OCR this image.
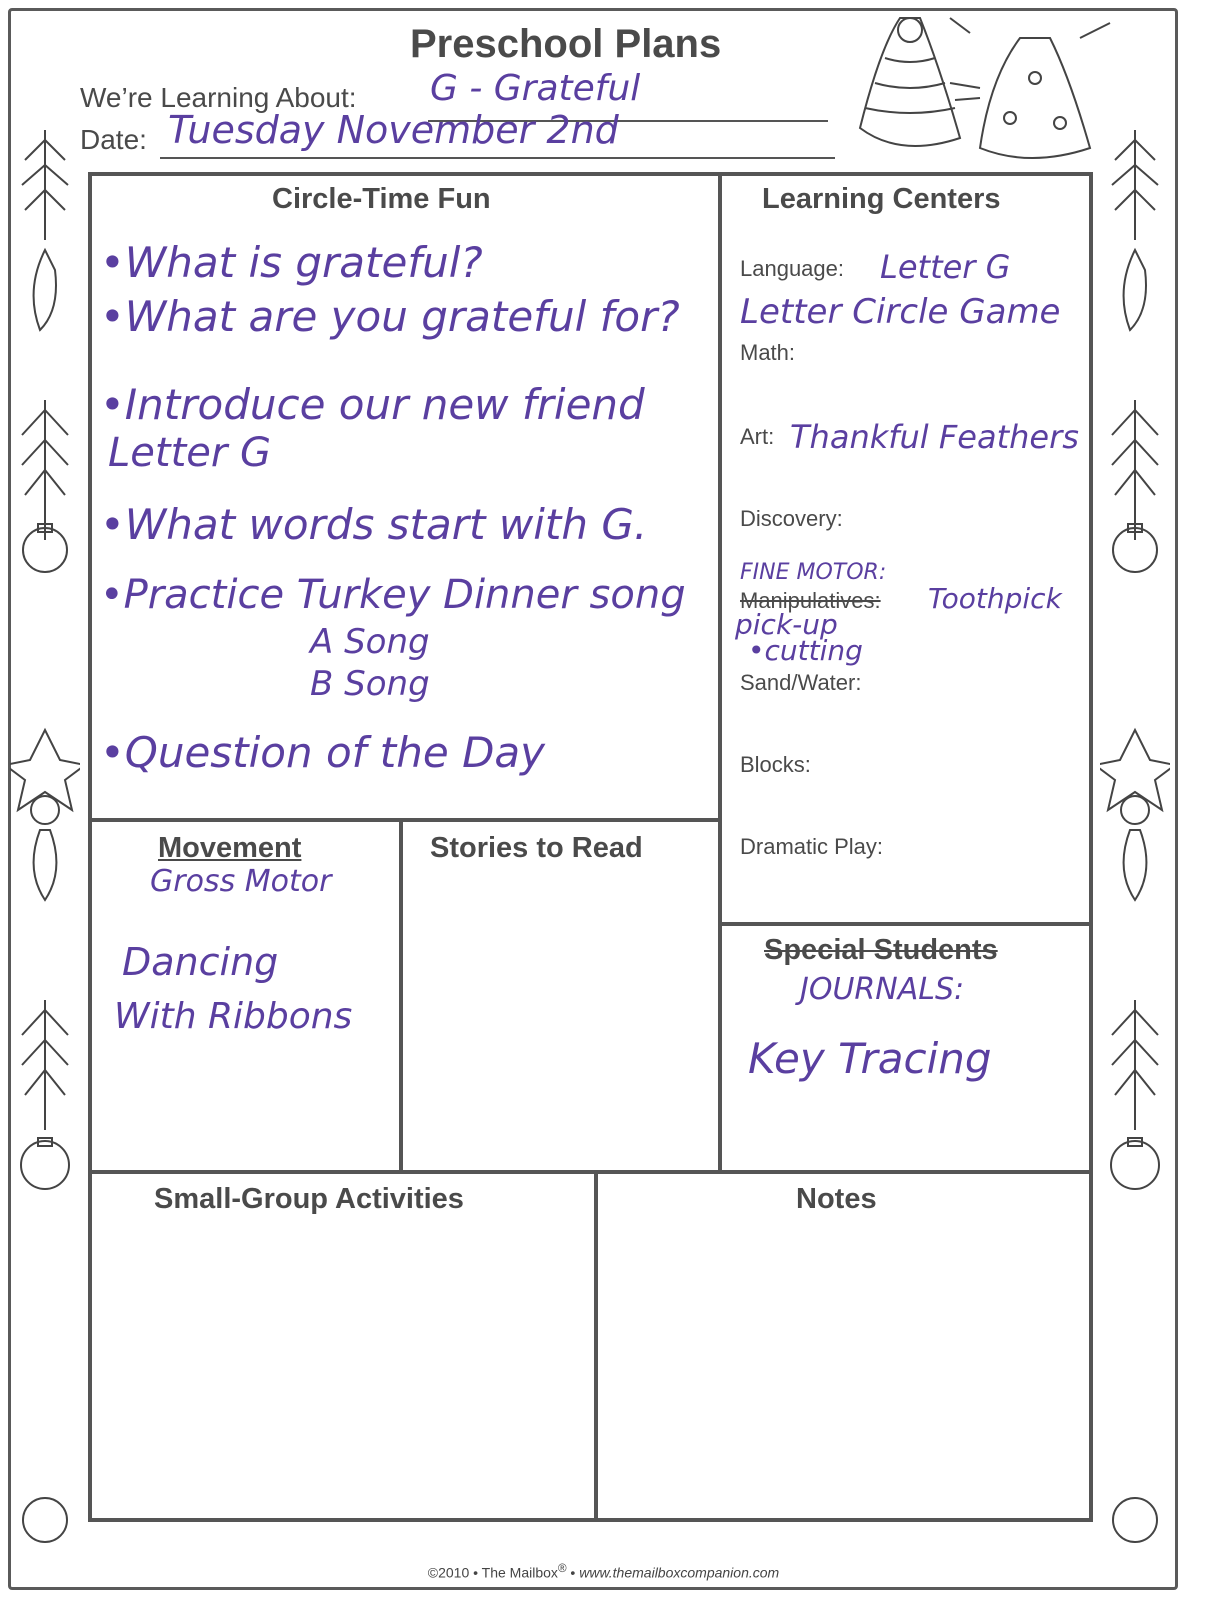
Preschool Plans
We’re Learning About: G - Grateful
Date: Tuesday November 2nd
Circle-Time Fun
•What is grateful?
•What are you grateful for?
•Introduce our new friend
Letter G
•What words start with G.
•Practice Turkey Dinner song
A Song
B Song
•Question of the Day
Learning Centers
Language: Letter G
Letter Circle Game
Math:
Art: Thankful Feathers
Discovery:
FINE MOTOR:
Manipulatives: Toothpick
pick-up
•cutting
Sand/Water:
Blocks:
Dramatic Play:
Movement
Gross Motor
Dancing
With Ribbons
Stories to Read
Special Students
JOURNALS:
Key Tracing
Small-Group Activities	Notes
©2010 • The Mailbox® • www.themailboxcompanion.com
